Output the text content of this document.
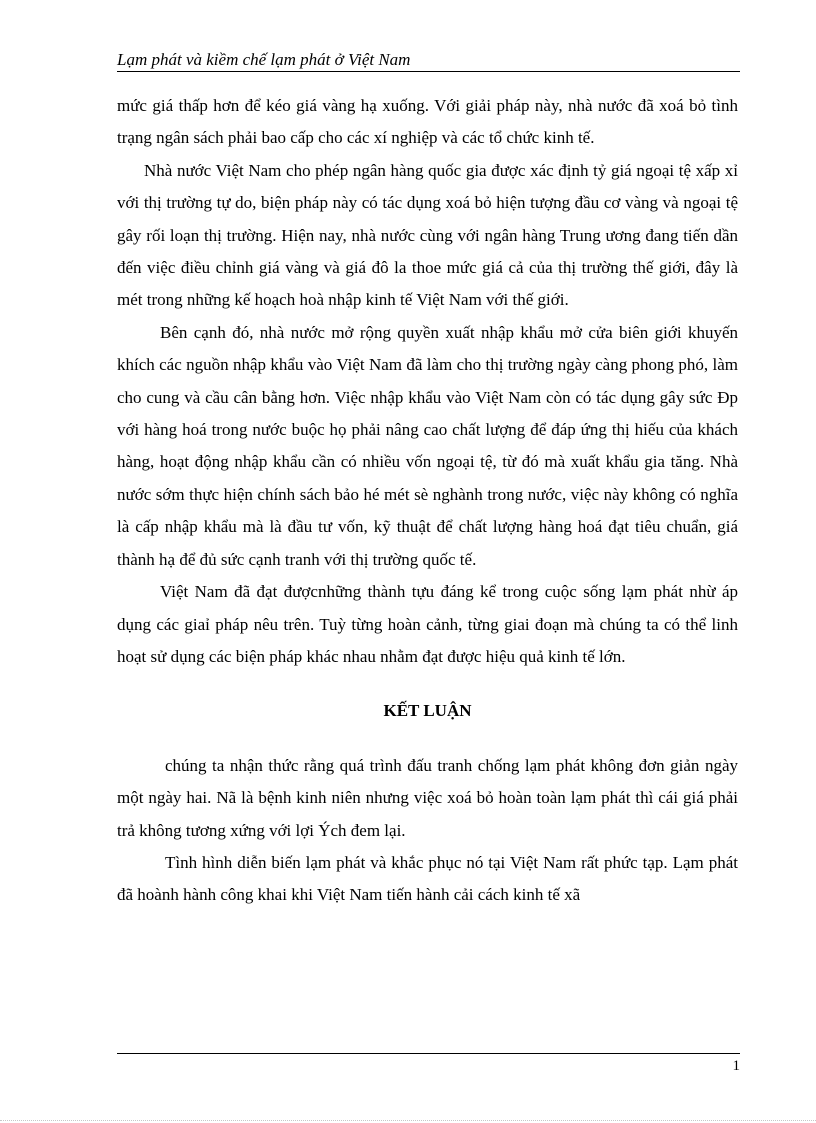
Lạm phát và kiềm chế lạm phát ở Việt Nam

mức giá thấp hơn để kéo giá vàng hạ xuống. Với giải pháp này, nhà nước đã xoá bỏ tình trạng ngân sách phải bao cấp cho các xí nghiệp và các tổ chức kinh tế.

Nhà nước Việt Nam cho phép ngân hàng quốc gia được xác định tỷ giá ngoại tệ xấp xỉ với thị trường tự do, biện pháp này có tác dụng xoá bỏ hiện tượng đầu cơ vàng và ngoại tệ gây rối loạn thị trường. Hiện nay, nhà nước cùng với ngân hàng Trung ương đang tiến dần đến việc điều chỉnh giá vàng và giá đô la thoe mức giá cả của thị trường thế giới, đây là mét trong những kế hoạch hoà nhập kinh tế Việt Nam với thế giới.

Bên cạnh đó, nhà nước mở rộng quyền xuất nhập khẩu mở cửa biên giới khuyến khích các nguồn nhập khẩu vào Việt Nam đã làm cho thị trường ngày càng phong phó, làm cho cung và cầu cân bằng hơn. Việc nhập khẩu vào Việt Nam còn có tác dụng gây sức Ðp với hàng hoá trong nước buộc họ phải nâng cao chất lượng để đáp ứng thị hiếu của khách hàng, hoạt động nhập khẩu cần có nhiều vốn ngoại tệ, từ đó mà xuất khẩu gia tăng. Nhà nước sớm thực hiện chính sách bảo hé mét sè nghành trong nước, việc này không có nghĩa là cấp nhập khẩu mà là đầu tư vốn, kỹ thuật để chất lượng hàng hoá đạt tiêu chuẩn, giá thành hạ để đủ sức cạnh tranh với thị trường quốc tế.

Việt Nam đã đạt đượcnhững thành tựu đáng kể trong cuộc sống lạm phát nhừ áp dụng các giaỉ pháp nêu trên. Tuỳ từng hoàn cảnh, từng giai đoạn mà chúng ta có thể linh hoạt sử dụng các biện pháp khác nhau nhằm đạt được hiệu quả kinh tế lớn.

KẾT LUẬN

chúng ta nhận thức rằng quá trình đấu tranh chống lạm phát không đơn giản ngày một ngày hai. Nã là bệnh kinh niên nhưng việc xoá bỏ hoàn toàn lạm phát thì cái giá phải trả không tương xứng với lợi Ých đem lại.

Tình hình diễn biến lạm phát và khắc phục nó tại Việt Nam rất phức tạp. Lạm phát đã hoành hành công khai khi Việt Nam tiến hành cải cách kinh tế xã

1
